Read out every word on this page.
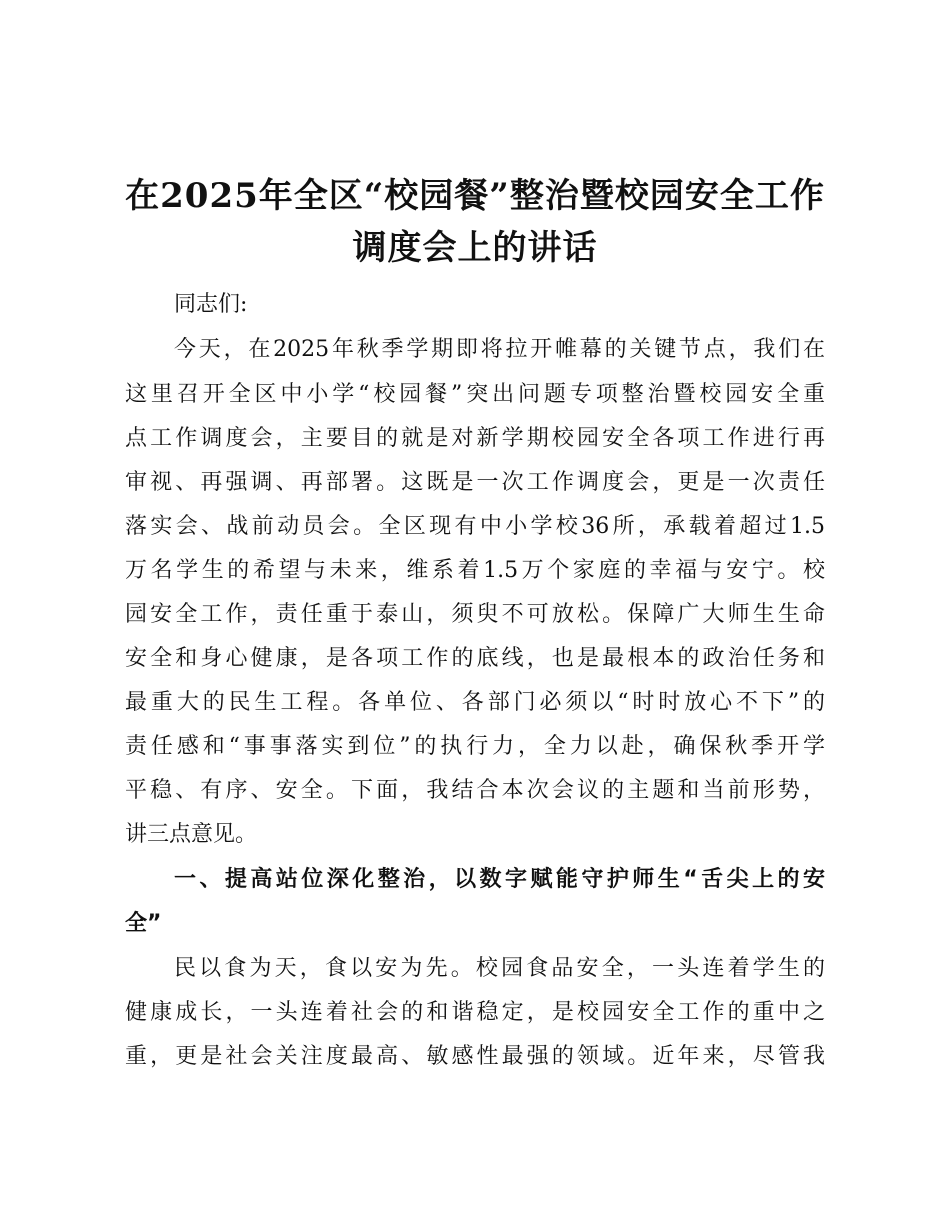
在2025年全区“校园餐”整治暨校园安全工作
调度会上的讲话
同志们:
今天，在2025年秋季学期即将拉开帷幕的关键节点，我们在
这里召开全区中小学“校园餐”突出问题专项整治暨校园安全重
点工作调度会，主要目的就是对新学期校园安全各项工作进行再
审视、再强调、再部署。这既是一次工作调度会，更是一次责任
落实会、战前动员会。全区现有中小学校36所，承载着超过1.5
万名学生的希望与未来，维系着1.5万个家庭的幸福与安宁。校
园安全工作，责任重于泰山，须臾不可放松。保障广大师生生命
安全和身心健康，是各项工作的底线，也是最根本的政治任务和
最重大的民生工程。各单位、各部门必须以“时时放心不下”的
责任感和“事事落实到位”的执行力，全力以赴，确保秋季开学
平稳、有序、安全。下面，我结合本次会议的主题和当前形势，
讲三点意见。
一、提高站位深化整治，以数字赋能守护师生“舌尖上的安
全”
民以食为天，食以安为先。校园食品安全，一头连着学生的
健康成长，一头连着社会的和谐稳定，是校园安全工作的重中之
重，更是社会关注度最高、敏感性最强的领域。近年来，尽管我
